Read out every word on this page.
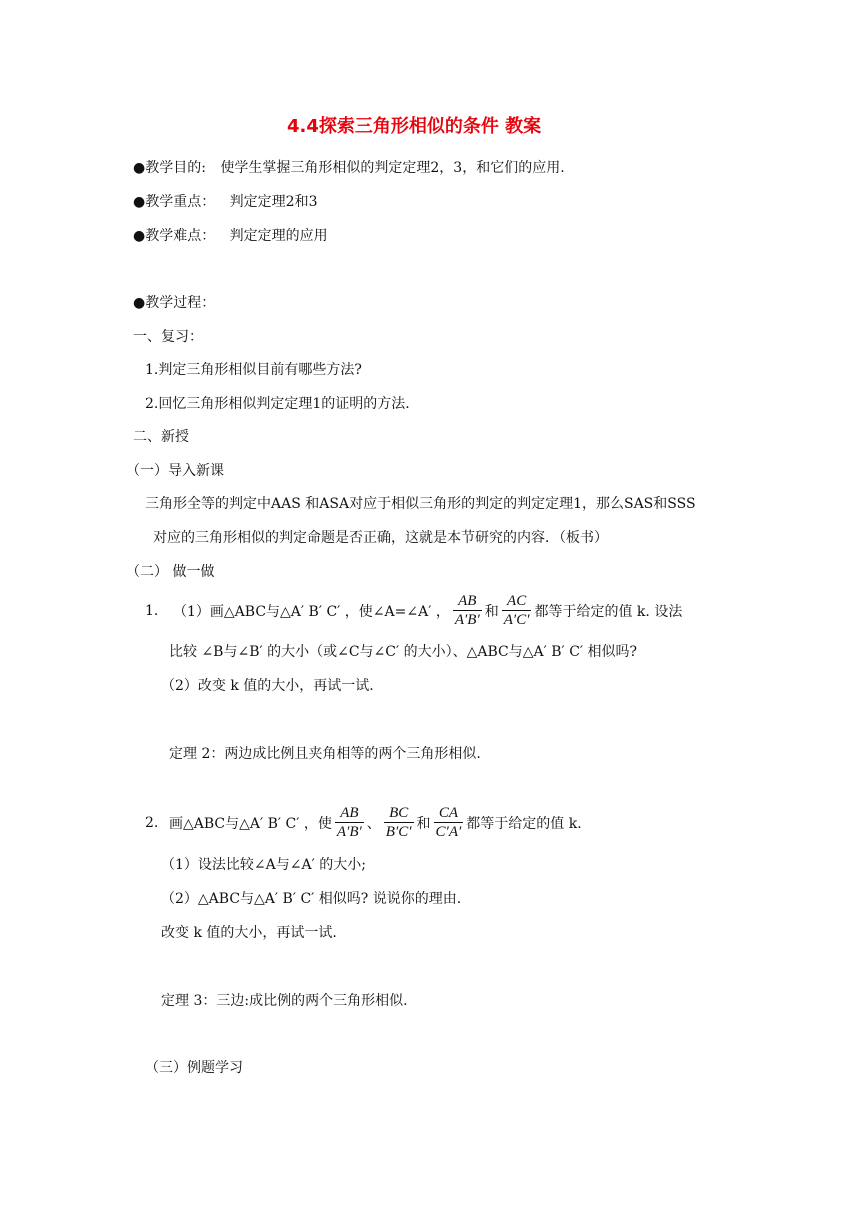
4.4探索三角形相似的条件 教案
●教学目的: 使学生掌握三角形相似的判定定理2，3，和它们的应用.
●教学重点： 判定定理2和3
●教学难点： 判定定理的应用
●教学过程：
一、复习：
1.判定三角形相似目前有哪些方法?
2.回忆三角形相似判定定理1的证明的方法.
二、新授
（一）导入新课
三角形全等的判定中AAS 和ASA对应于相似三角形的判定的判定定理1，那么SAS和SSS
对应的三角形相似的判定命题是否正确，这就是本节研究的内容．（板书）
（二） 做一做
1.	（1）画△ABC与△A′ B′ C′ ，使∠A=∠A′ ， $\frac{AB}{A'B'}$ 和 $\frac{AC}{A'C'}$ 都等于给定的值 k. 设法
比较 ∠B与∠B′ 的大小（或∠C与∠C′ 的大小）、△ABC与△A′ B′ C′ 相似吗?
（2）改变 k 值的大小，再试一试.
定理 2：两边成比例且夹角相等的两个三角形相似.
2. 画△ABC与△A′ B′ C′ ，使 $\frac{AB}{A'B'}$ 、 $\frac{BC}{B'C'}$ 和 $\frac{CA}{C'A'}$ 都等于给定的值 k.
（1）设法比较∠A与∠A′ 的大小;
（2）△ABC与△A′ B′ C′ 相似吗? 说说你的理由.
改变 k 值的大小，再试一试.
定理 3：三边:成比例的两个三角形相似.
（三）例题学习
